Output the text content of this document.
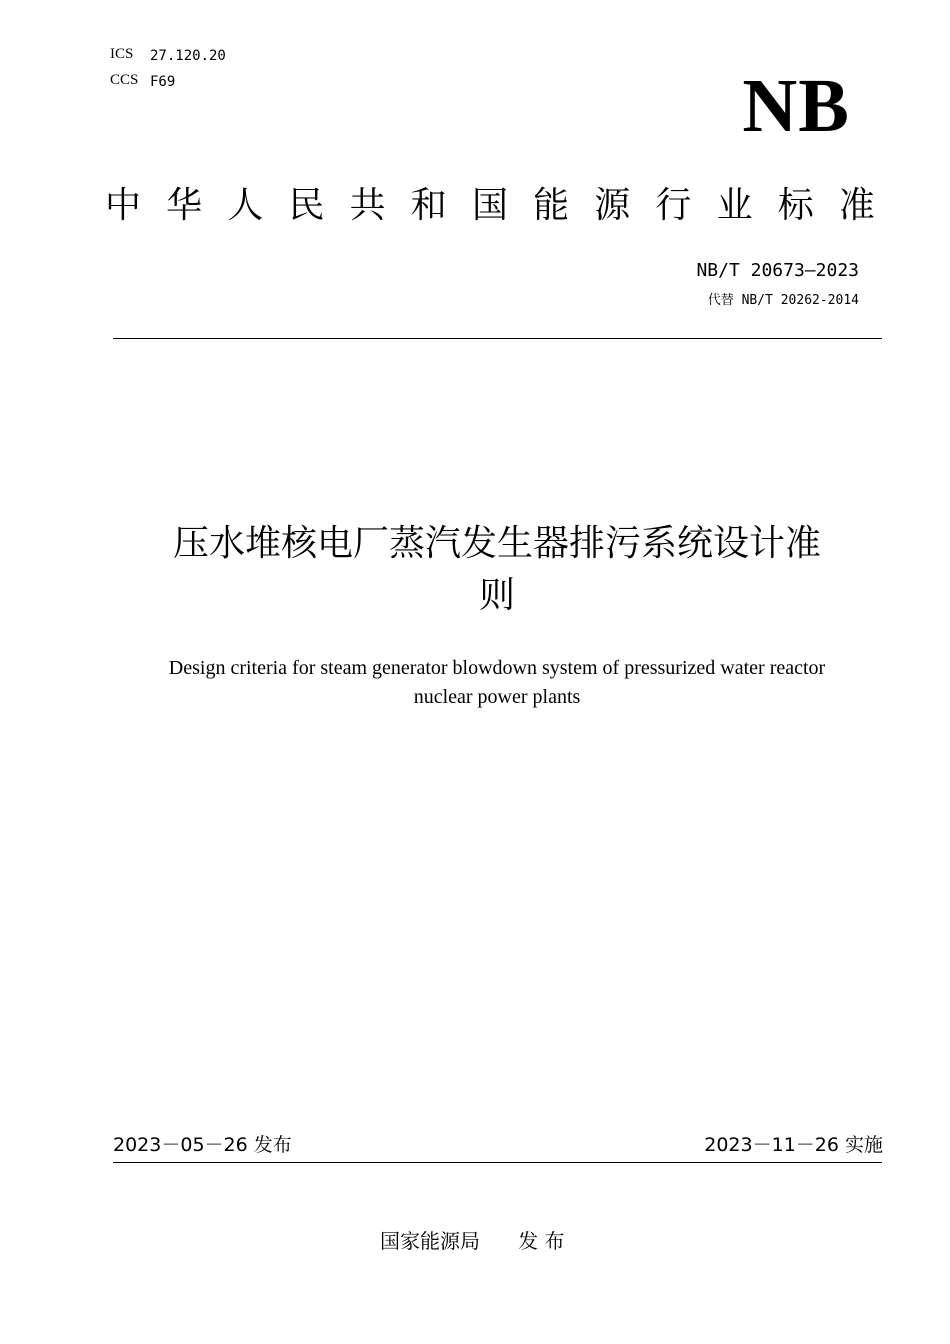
ICS 27.120.20
CCS F69	NB
中 华 人 民 共 和 国 能 源 行 业 标 准
NB/T 20673—2023
代替 NB/T 20262-2014
压水堆核电厂蒸汽发生器排污系统设计准
则
Design criteria for steam generator blowdown system of pressurized water reactor
nuclear power plants
2023－05－26 发布	2023－11－26 实施
国家能源局      发 布
